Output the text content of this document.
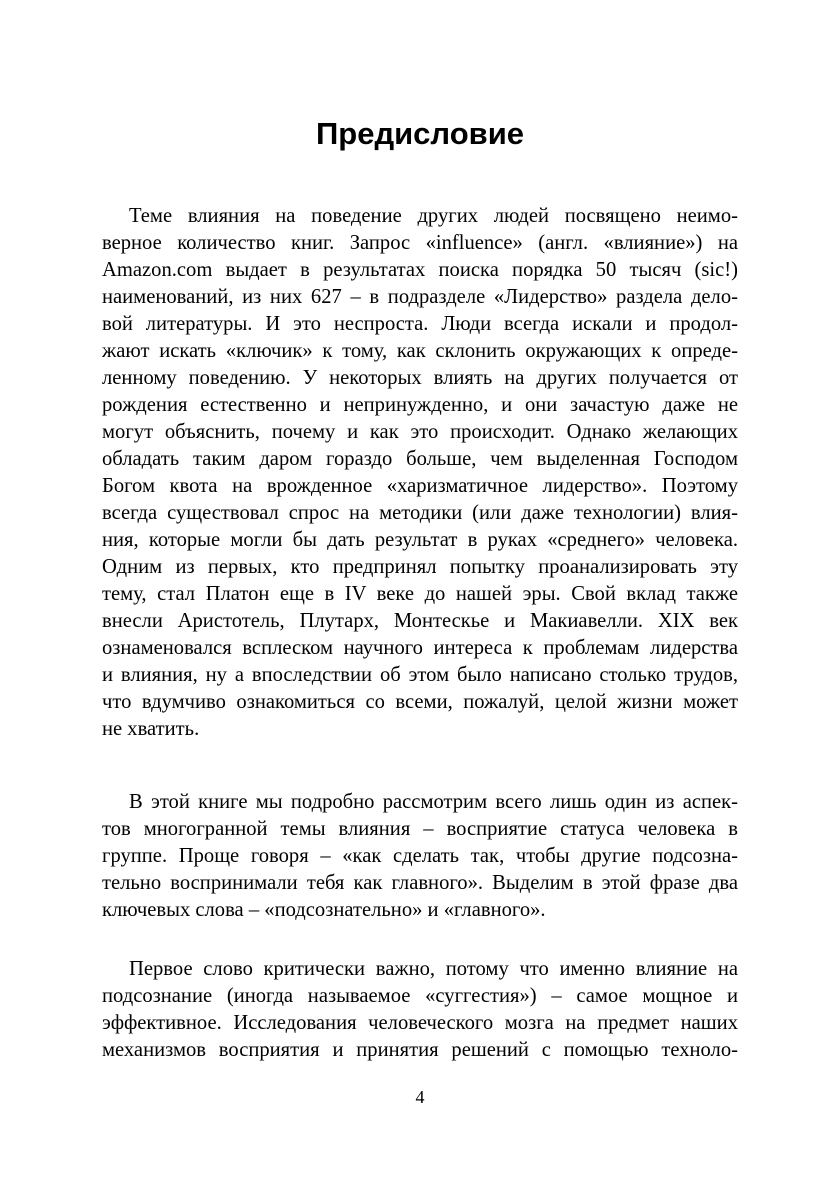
Предисловие
Теме влияния на поведение других людей посвящено неимо-
верное количество книг. Запрос «influence» (англ. «влияние») на
Amazon.com выдает в результатах поиска порядка 50 тысяч (sic!)
наименований, из них 627 – в подразделе «Лидерство» раздела дело-
вой литературы. И это неспроста. Люди всегда искали и продол-
жают искать «ключик» к тому, как склонить окружающих к опреде-
ленному поведению. У некоторых влиять на других получается от
рождения естественно и непринужденно, и они зачастую даже не
могут объяснить, почему и как это происходит. Однако желающих
обладать таким даром гораздо больше, чем выделенная Господом
Богом квота на врожденное «харизматичное лидерство». Поэтому
всегда существовал спрос на методики (или даже технологии) влия-
ния, которые могли бы дать результат в руках «среднего» человека.
Одним из первых, кто предпринял попытку проанализировать эту
тему, стал Платон еще в IV веке до нашей эры. Свой вклад также
внесли Аристотель, Плутарх, Монтескье и Макиавелли. XIX век
ознаменовался всплеском научного интереса к проблемам лидерства
и влияния, ну а впоследствии об этом было написано столько трудов,
что вдумчиво ознакомиться со всеми, пожалуй, целой жизни может
не хватить.
В этой книге мы подробно рассмотрим всего лишь один из аспек-
тов многогранной темы влияния – восприятие статуса человека в
группе. Проще говоря – «как сделать так, чтобы другие подсозна-
тельно воспринимали тебя как главного». Выделим в этой фразе два
ключевых слова – «подсознательно» и «главного».
Первое слово критически важно, потому что именно влияние на
подсознание (иногда называемое «суггестия») – самое мощное и
эффективное. Исследования человеческого мозга на предмет наших
механизмов восприятия и принятия решений с помощью техноло-
4
